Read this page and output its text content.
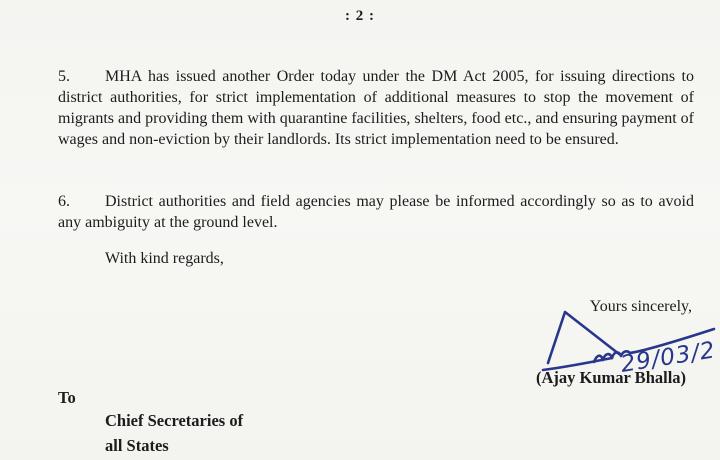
: 2 :
5. MHA has issued another Order today under the DM Act 2005, for issuing directions to district authorities, for strict implementation of additional measures to stop the movement of migrants and providing them with quarantine facilities, shelters, food etc., and ensuring payment of wages and non-eviction by their landlords. Its strict implementation need to be ensured.
6. District authorities and field agencies may please be informed accordingly so as to avoid any ambiguity at the ground level.
With kind regards,
Yours sincerely,
29/03/2
(Ajay Kumar Bhalla)
To
Chief Secretaries of
all States
